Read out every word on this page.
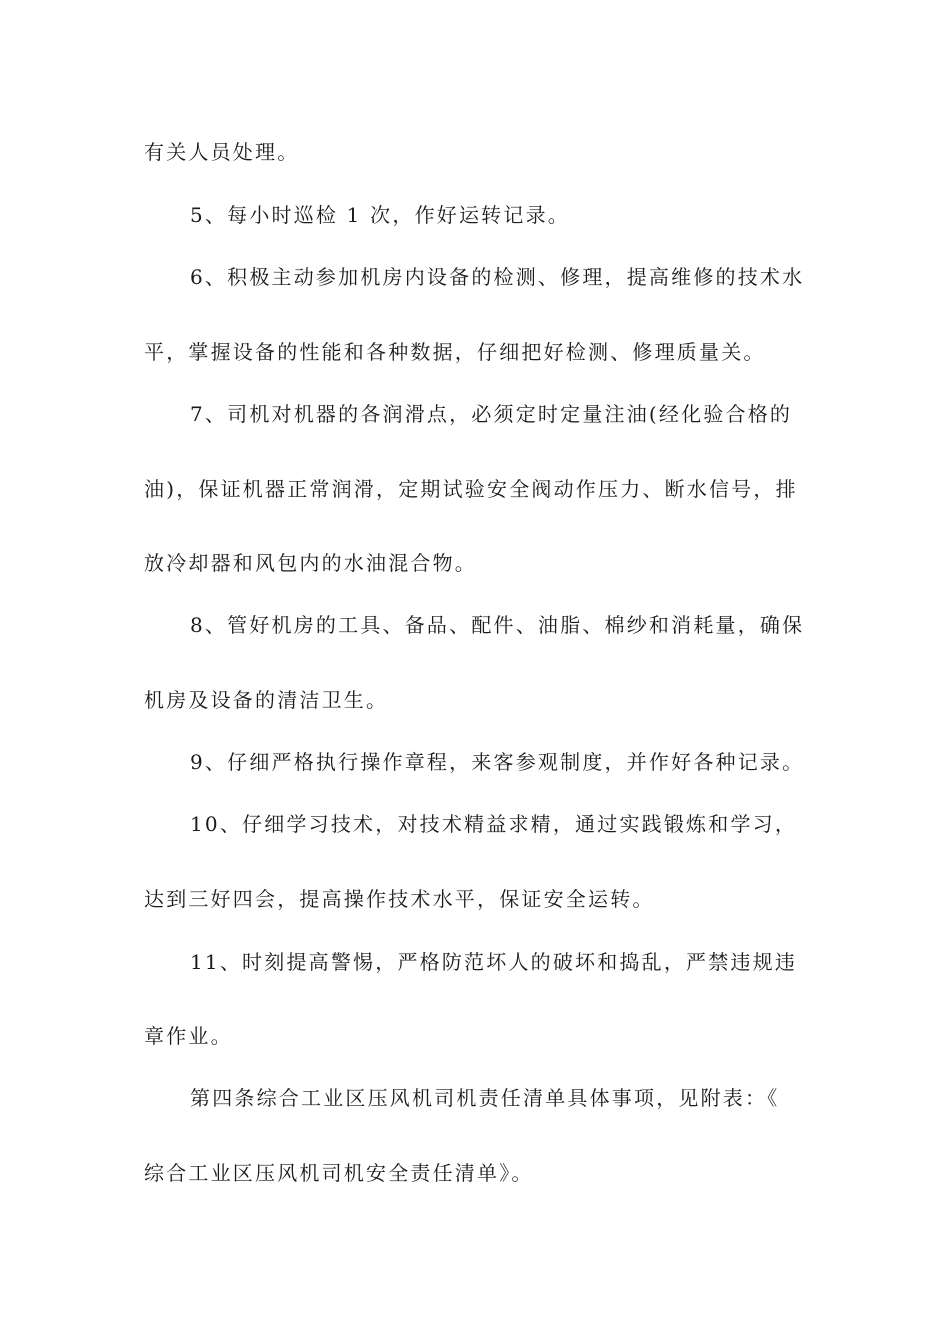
有关人员处理。
5、每小时巡检 1 次，作好运转记录。
6、积极主动参加机房内设备的检测、修理，提高维修的技术水
平，掌握设备的性能和各种数据，仔细把好检测、修理质量关。
7、司机对机器的各润滑点，必须定时定量注油(经化验合格的
油)，保证机器正常润滑，定期试验安全阀动作压力、断水信号，排
放冷却器和风包内的水油混合物。
8、管好机房的工具、备品、配件、油脂、棉纱和消耗量，确保
机房及设备的清洁卫生。
9、仔细严格执行操作章程，来客参观制度，并作好各种记录。
10、仔细学习技术，对技术精益求精，通过实践锻炼和学习，
达到三好四会，提高操作技术水平，保证安全运转。
11、时刻提高警惕，严格防范坏人的破坏和捣乱，严禁违规违
章作业。
第四条综合工业区压风机司机责任清单具体事项，见附表：《
综合工业区压风机司机安全责任清单》。
